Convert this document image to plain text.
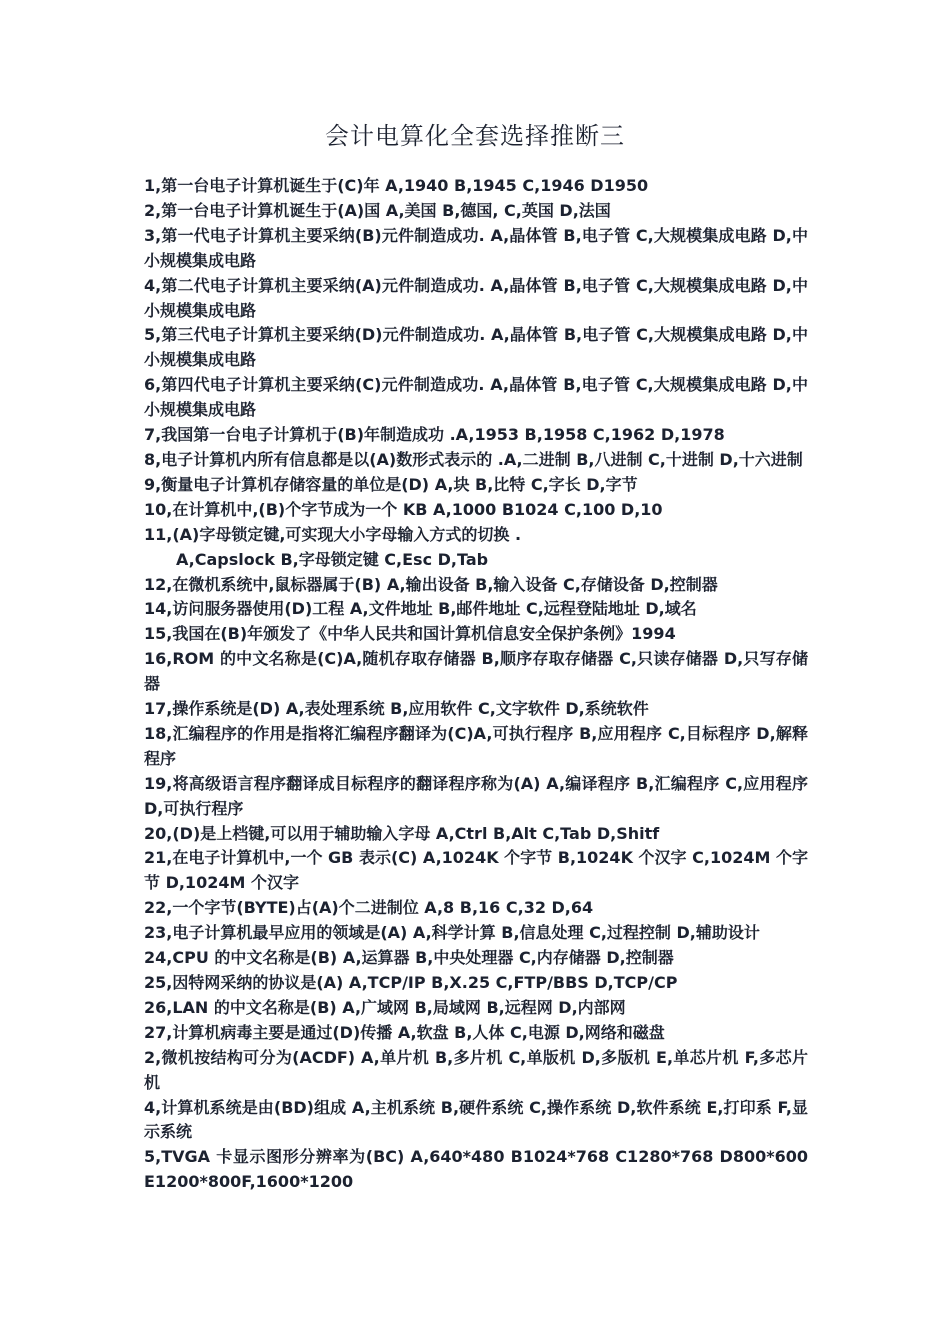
会计电算化全套选择推断三

1,第一台电子计算机诞生于(C)年 A,1940 B,1945 C,1946 D1950

2,第一台电子计算机诞生于(A)国 A,美国 B,德国, C,英国 D,法国

3,第一代电子计算机主要采纳(B)元件制造成功. A,晶体管 B,电子管 C,大规模集成电路 D,中小规模集成电路

4,第二代电子计算机主要采纳(A)元件制造成功. A,晶体管 B,电子管 C,大规模集成电路 D,中小规模集成电路

5,第三代电子计算机主要采纳(D)元件制造成功. A,晶体管 B,电子管 C,大规模集成电路 D,中小规模集成电路

6,第四代电子计算机主要采纳(C)元件制造成功. A,晶体管 B,电子管 C,大规模集成电路 D,中小规模集成电路

7,我国第一台电子计算机于(B)年制造成功 .A,1953 B,1958 C,1962 D,1978

8,电子计算机内所有信息都是以(A)数形式表示的 .A,二进制 B,八进制 C,十进制 D,十六进制

9,衡量电子计算机存储容量的单位是(D) A,块 B,比特 C,字长 D,字节

10,在计算机中,(B)个字节成为一个 KB A,1000 B1024 C,100 D,10

11,(A)字母锁定键,可实现大小字母输入方式的切换 .

A,Capslock B,字母锁定键 C,Esc D,Tab

12,在微机系统中,鼠标器属于(B) A,输出设备 B,输入设备 C,存储设备 D,控制器

14,访问服务器使用(D)工程 A,文件地址 B,邮件地址 C,远程登陆地址 D,域名

15,我国在(B)年颁发了《中华人民共和国计算机信息安全保护条例》1994

16,ROM 的中文名称是(C)A,随机存取存储器 B,顺序存取存储器 C,只读存储器 D,只写存储器

17,操作系统是(D) A,表处理系统 B,应用软件 C,文字软件 D,系统软件

18,汇编程序的作用是指将汇编程序翻译为(C)A,可执行程序 B,应用程序 C,目标程序 D,解释程序

19,将高级语言程序翻译成目标程序的翻译程序称为(A) A,编译程序 B,汇编程序 C,应用程序 D,可执行程序

20,(D)是上档键,可以用于辅助输入字母 A,Ctrl B,Alt C,Tab D,Shitf

21,在电子计算机中,一个 GB 表示(C) A,1024K 个字节 B,1024K 个汉字 C,1024M 个字节 D,1024M 个汉字

22,一个字节(BYTE)占(A)个二进制位 A,8 B,16 C,32 D,64

23,电子计算机最早应用的领域是(A) A,科学计算 B,信息处理 C,过程控制 D,辅助设计

24,CPU 的中文名称是(B) A,运算器 B,中央处理器 C,内存储器 D,控制器

25,因特网采纳的协议是(A) A,TCP/IP B,X.25 C,FTP/BBS D,TCP/CP

26,LAN 的中文名称是(B) A,广域网 B,局域网 B,远程网 D,内部网

27,计算机病毒主要是通过(D)传播 A,软盘 B,人体 C,电源 D,网络和磁盘

2,微机按结构可分为(ACDF) A,单片机 B,多片机 C,单版机 D,多版机 E,单芯片机 F,多芯片机

4,计算机系统是由(BD)组成 A,主机系统 B,硬件系统 C,操作系统 D,软件系统 E,打印系 F,显示系统

5,TVGA 卡显示图形分辨率为(BC) A,640*480 B1024*768 C1280*768 D800*600 E1200*800F,1600*1200
